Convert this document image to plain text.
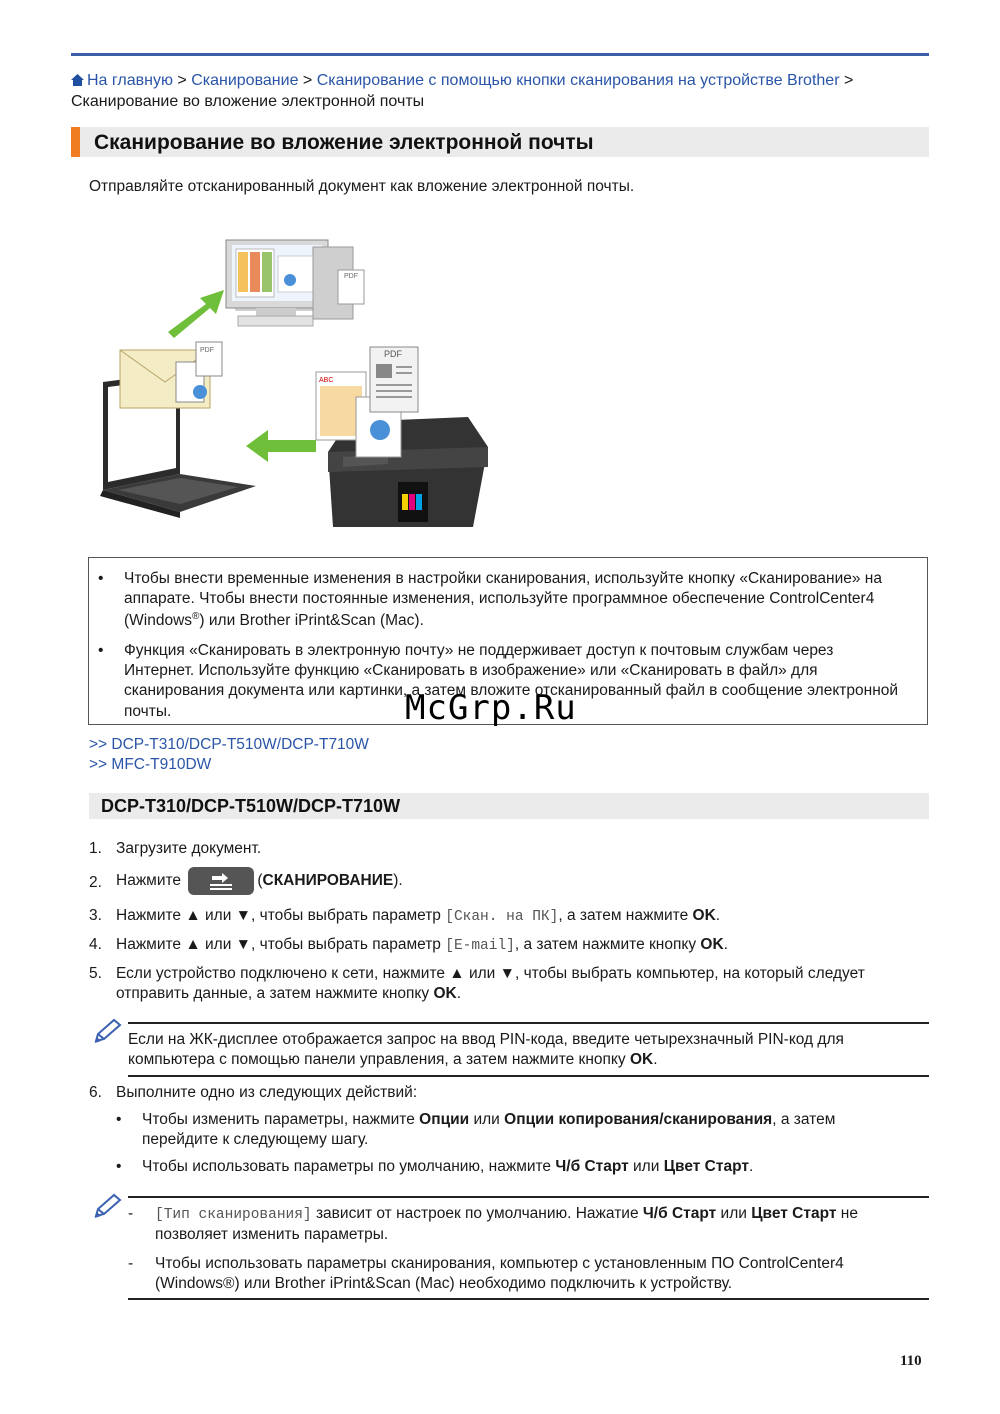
На главную > Сканирование > Сканирование с помощью кнопки сканирования на устройстве Brother > Сканирование во вложение электронной почты
Сканирование во вложение электронной почты
Отправляйте отсканированный документ как вложение электронной почты.
PDF
PDF
ABC
PDF
• Чтобы внести временные изменения в настройки сканирования, используйте кнопку «Сканирование» на аппарате. Чтобы внести постоянные изменения, используйте программное обеспечение ControlCenter4 (Windows®) или Brother iPrint&Scan (Mac).
• Функция «Сканировать в электронную почту» не поддерживает доступ к почтовым службам через Интернет. Используйте функцию «Сканировать в изображение» или «Сканировать в файл» для сканирования документа или картинки, а затем вложите отсканированный файл в сообщение электронной почты.	McGrp.Ru
>> DCP-T310/DCP-T510W/DCP-T710W
>> MFC-T910DW
DCP-T310/DCP-T510W/DCP-T710W
1. Загрузите документ.
2. Нажмите	(СКАНИРОВАНИЕ).
3. Нажмите ▲ или ▼, чтобы выбрать параметр [Скан. на ПК], а затем нажмите OK.
4. Нажмите ▲ или ▼, чтобы выбрать параметр [E-mail], а затем нажмите кнопку OK.
5. Если устройство подключено к сети, нажмите ▲ или ▼, чтобы выбрать компьютер, на который следует отправить данные, а затем нажмите кнопку OK.
Если на ЖК-дисплее отображается запрос на ввод PIN-кода, введите четырехзначный PIN-код для компьютера с помощью панели управления, а затем нажмите кнопку OK.
6. Выполните одно из следующих действий:
• Чтобы изменить параметры, нажмите Опции или Опции копирования/сканирования, а затем перейдите к следующему шагу.
• Чтобы использовать параметры по умолчанию, нажмите Ч/б Старт или Цвет Старт.
- [Тип сканирования] зависит от настроек по умолчанию. Нажатие Ч/б Старт или Цвет Старт не позволяет изменить параметры.
- Чтобы использовать параметры сканирования, компьютер с установленным ПО ControlCenter4 (Windows®) или Brother iPrint&Scan (Mac) необходимо подключить к устройству.
110
